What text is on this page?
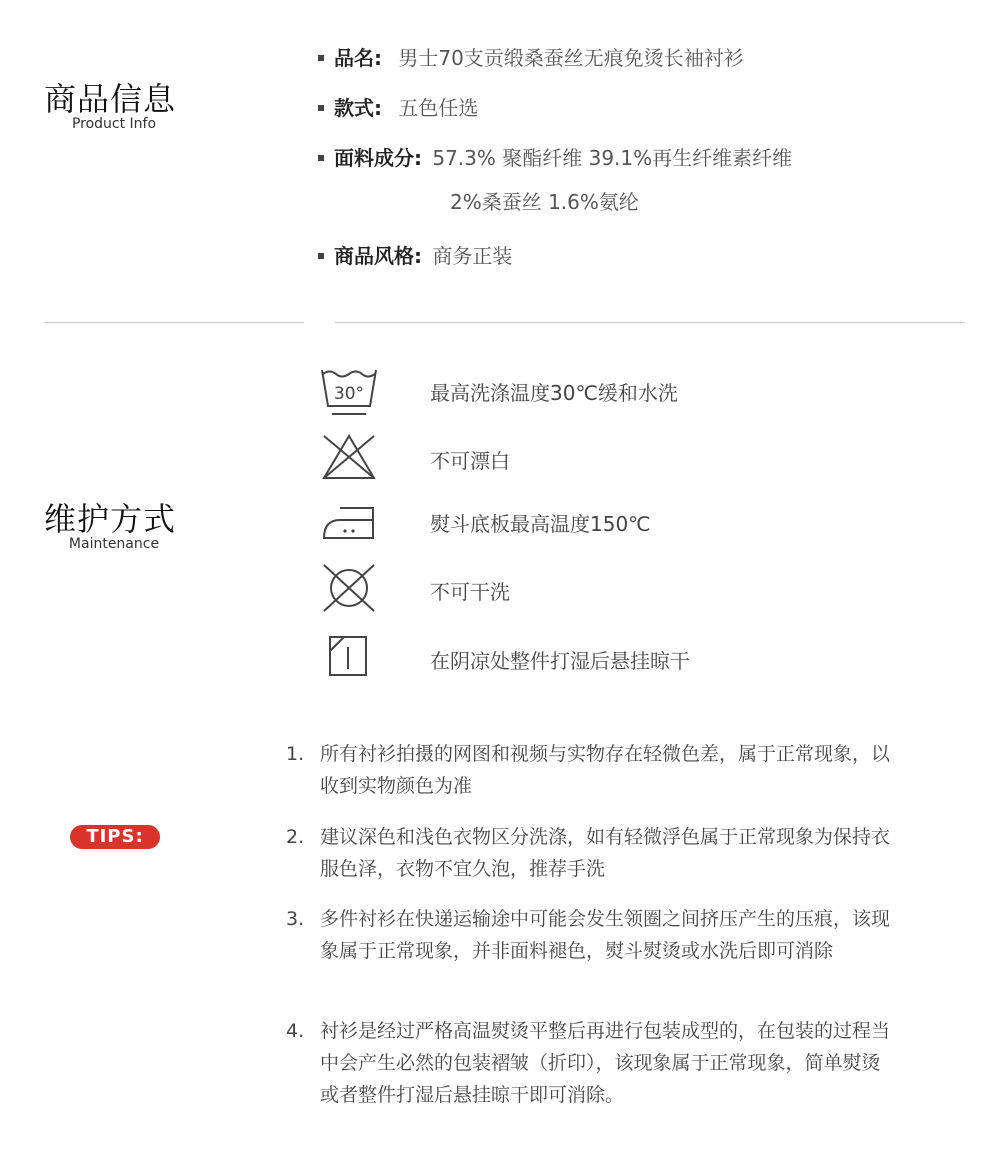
商品信息
Product Info
品名: 男士70支贡缎桑蚕丝无痕免烫长袖衬衫
款式: 五色任选
面料成分: 57.3% 聚酯纤维 39.1%再生纤维素纤维
2%桑蚕丝 1.6%氨纶
商品风格: 商务正装
维护方式
Maintenance
30°	最高洗涤温度30℃缓和水洗
不可漂白
熨斗底板最高温度150℃
不可干洗
在阴凉处整件打湿后悬挂晾干
TIPS:
1. 所有衬衫拍摄的网图和视频与实物存在轻微色差，属于正常现象，以收到实物颜色为准
2. 建议深色和浅色衣物区分洗涤，如有轻微浮色属于正常现象为保持衣服色泽，衣物不宜久泡，推荐手洗
3. 多件衬衫在快递运输途中可能会发生领圈之间挤压产生的压痕，该现象属于正常现象，并非面料褪色，熨斗熨烫或水洗后即可消除
4. 衬衫是经过严格高温熨烫平整后再进行包装成型的，在包装的过程当中会产生必然的包装褶皱（折印），该现象属于正常现象，简单熨烫或者整件打湿后悬挂晾干即可消除。
